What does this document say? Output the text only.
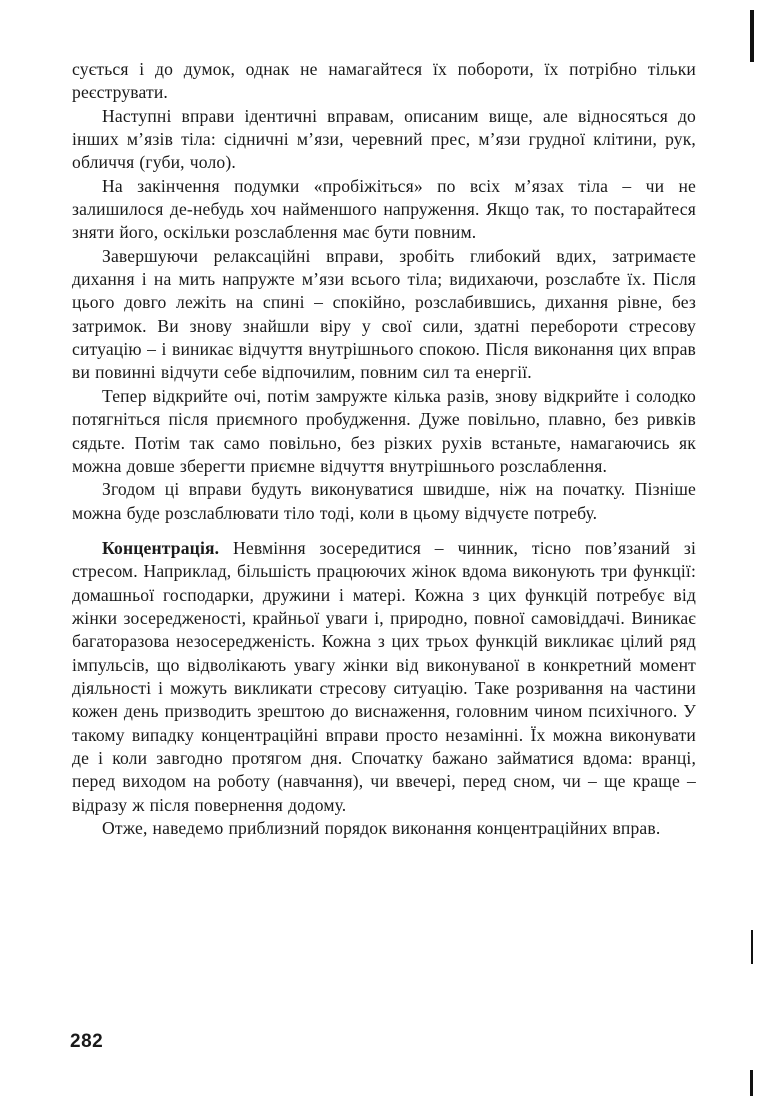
суєтьcя і до думок, однак не намагайтеся їх побороти, їх потрібно тільки реєструвати.

Наступні вправи ідентичні вправам, описаним вище, але відносяться до інших м’язів тіла: сідничні м’язи, черевний прес, м’язи грудної клітини, рук, обличчя (губи, чоло).

На закінчення подумки «пробіжіться» по всіх м’язах тіла – чи не залишилося де-небудь хоч найменшого напруження. Якщо так, то постарайтеся зняти його, оскільки розслаблення має бути повним.

Завершуючи релаксаційні вправи, зробіть глибокий вдих, затримаєте дихання і на мить напружте м’язи всього тіла; видихаючи, розслабте їх. Після цього довго лежіть на спині – спокійно, розслабившись, дихання рівне, без затримок. Ви знову знайшли віру у свої сили, здатні перебороти стресову ситуацію – і виникає відчуття внутрішнього спокою. Після виконання цих вправ ви повинні відчути себе відпочилим, повним сил та енергії.

Тепер відкрийте очі, потім замружте кілька разів, знову відкрийте і солодко потягніться після приємного пробудження. Дуже повільно, плавно, без ривків сядьте. Потім так само повільно, без різких рухів встаньте, намагаючись як можна довше зберегти приємне відчуття внутрішнього розслаблення.

Згодом ці вправи будуть виконуватися швидше, ніж на початку. Пізніше можна буде розслаблювати тіло тоді, коли в цьому відчуєте потребу.

Концентрація. Невміння зосередитися – чинник, тісно пов’язаний зі стресом. Наприклад, більшість працюючих жінок вдома виконують три функції: домашньої господарки, дружини і матері. Кожна з цих функцій потребує від жінки зосередженості, крайньої уваги і, природно, повної самовіддачі. Виникає багаторазова незосередженість. Кожна з цих трьох функцій викликає цілий ряд імпульсів, що відволікають увагу жінки від виконуваної в конкретний момент діяльності і можуть викликати стресову ситуацію. Таке розривання на частини кожен день призводить зрештою до виснаження, головним чином психічного. У такому випадку концентраційні вправи просто незамінні. Їх можна виконувати де і коли завгодно протягом дня. Спочатку бажано займатися вдома: вранці, перед виходом на роботу (навчання), чи ввечері, перед сном, чи – ще краще – відразу ж після повернення додому.

Отже, наведемо приблизний порядок виконання концентраційних вправ.

282
